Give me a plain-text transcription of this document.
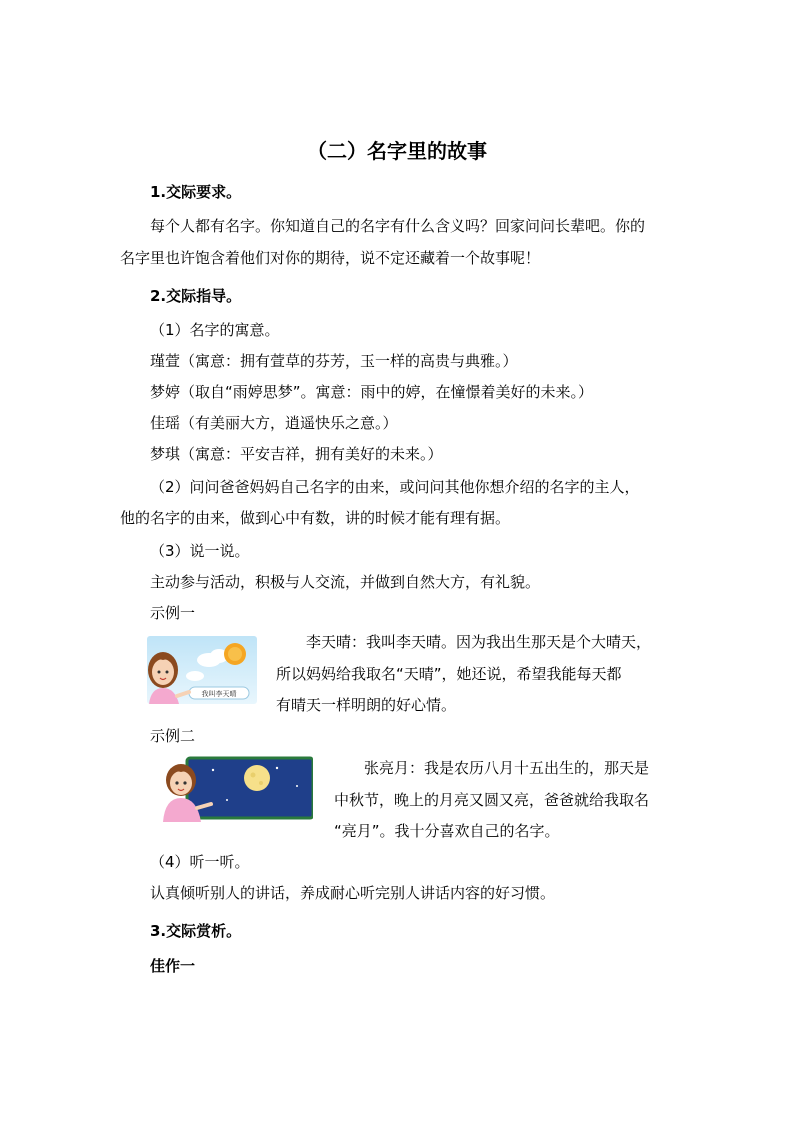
（二）名字里的故事
1.交际要求。
每个人都有名字。你知道自己的名字有什么含义吗？回家问问长辈吧。你的
名字里也许饱含着他们对你的期待，说不定还藏着一个故事呢！
2.交际指导。
（1）名字的寓意。
瑾萱（寓意：拥有萱草的芬芳，玉一样的高贵与典雅。）
梦婷（取自“雨婷思梦”。寓意：雨中的婷，在憧憬着美好的未来。）
佳瑶（有美丽大方，逍遥快乐之意。）
梦琪（寓意：平安吉祥，拥有美好的未来。）
（2）问问爸爸妈妈自己名字的由来，或问问其他你想介绍的名字的主人，
他的名字的由来，做到心中有数，讲的时候才能有理有据。
（3）说一说。
主动参与活动，积极与人交流，并做到自然大方，有礼貌。
示例一
我叫李天晴
李天晴：我叫李天晴。因为我出生那天是个大晴天，
所以妈妈给我取名“天晴”，她还说，希望我能每天都
有晴天一样明朗的好心情。
示例二
张亮月：我是农历八月十五出生的，那天是
中秋节，晚上的月亮又圆又亮，爸爸就给我取名
“亮月”。我十分喜欢自己的名字。
（4）听一听。
认真倾听别人的讲话，养成耐心听完别人讲话内容的好习惯。
3.交际赏析。
佳作一
